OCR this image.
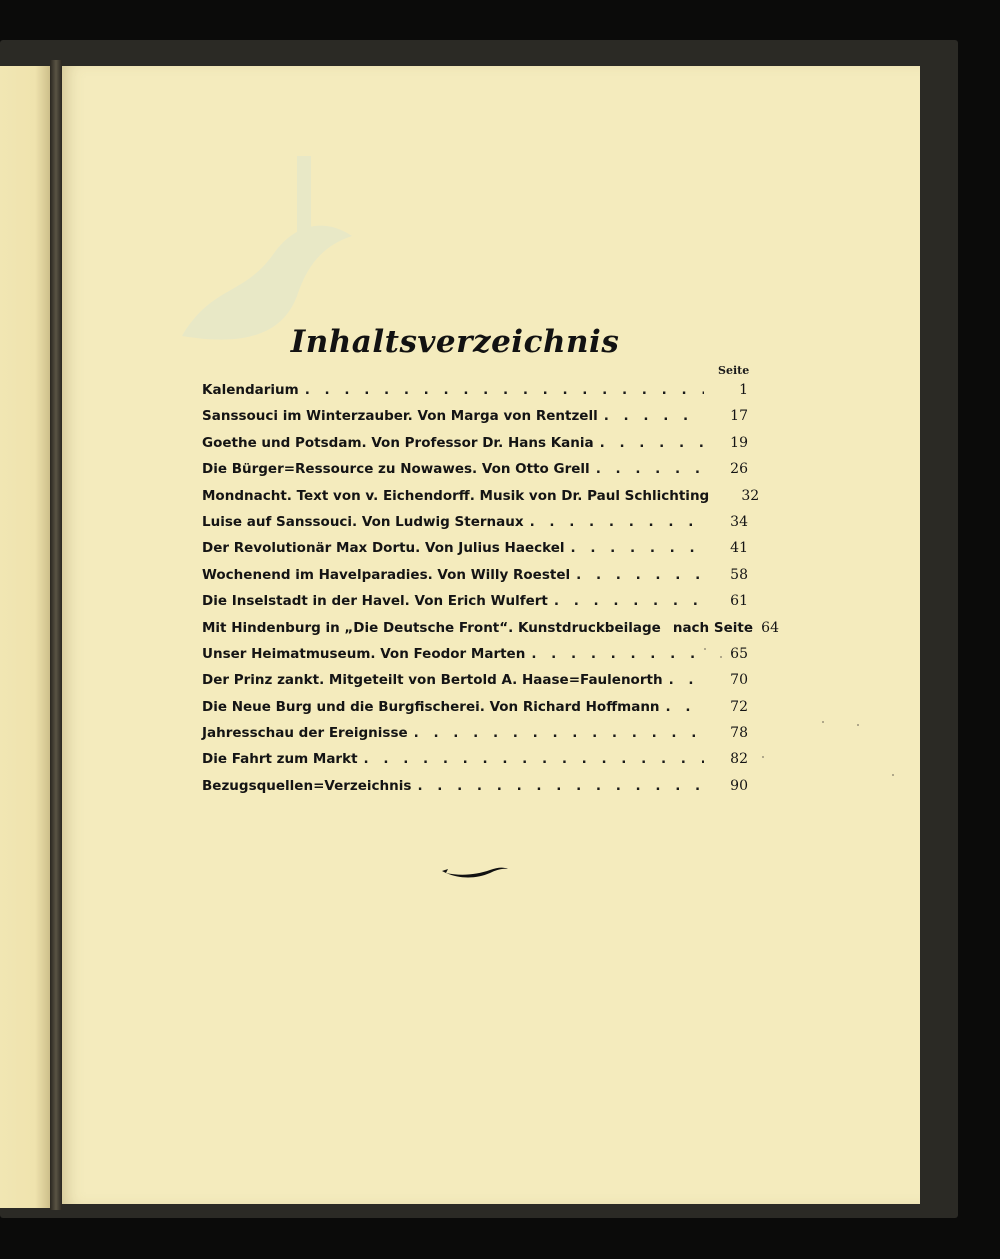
Inhaltsverzeichnis
Seite
Kalendarium . . .	1
Sanssouci im Winterzauber. Von Marga von Rentzell . . .	17
Goethe und Potsdam. Von Professor Dr. Hans Kania . . .	19
Die Bürger=Ressource zu Nowawes. Von Otto Grell . . .	26
Mondnacht. Text von v. Eichendorff. Musik von Dr. Paul Schlichting	32
Luise auf Sanssouci. Von Ludwig Sternaux . . .	34
Der Revolutionär Max Dortu. Von Julius Haeckel . . .	41
Wochenend im Havelparadies. Von Willy Roestel . . .	58
Die Inselstadt in der Havel. Von Erich Wulfert . . .	61
Mit Hindenburg in „Die Deutsche Front“. Kunstdruckbeilage nach Seite 64
Unser Heimatmuseum. Von Feodor Marten . . .	65
Der Prinz zankt. Mitgeteilt von Bertold A. Haase=Faulenorth . . .	70
Die Neue Burg und die Burgfischerei. Von Richard Hoffmann . . .	72
Jahresschau der Ereignisse . . .	78
Die Fahrt zum Markt . . .	82
Bezugsquellen=Verzeichnis . . .	90
